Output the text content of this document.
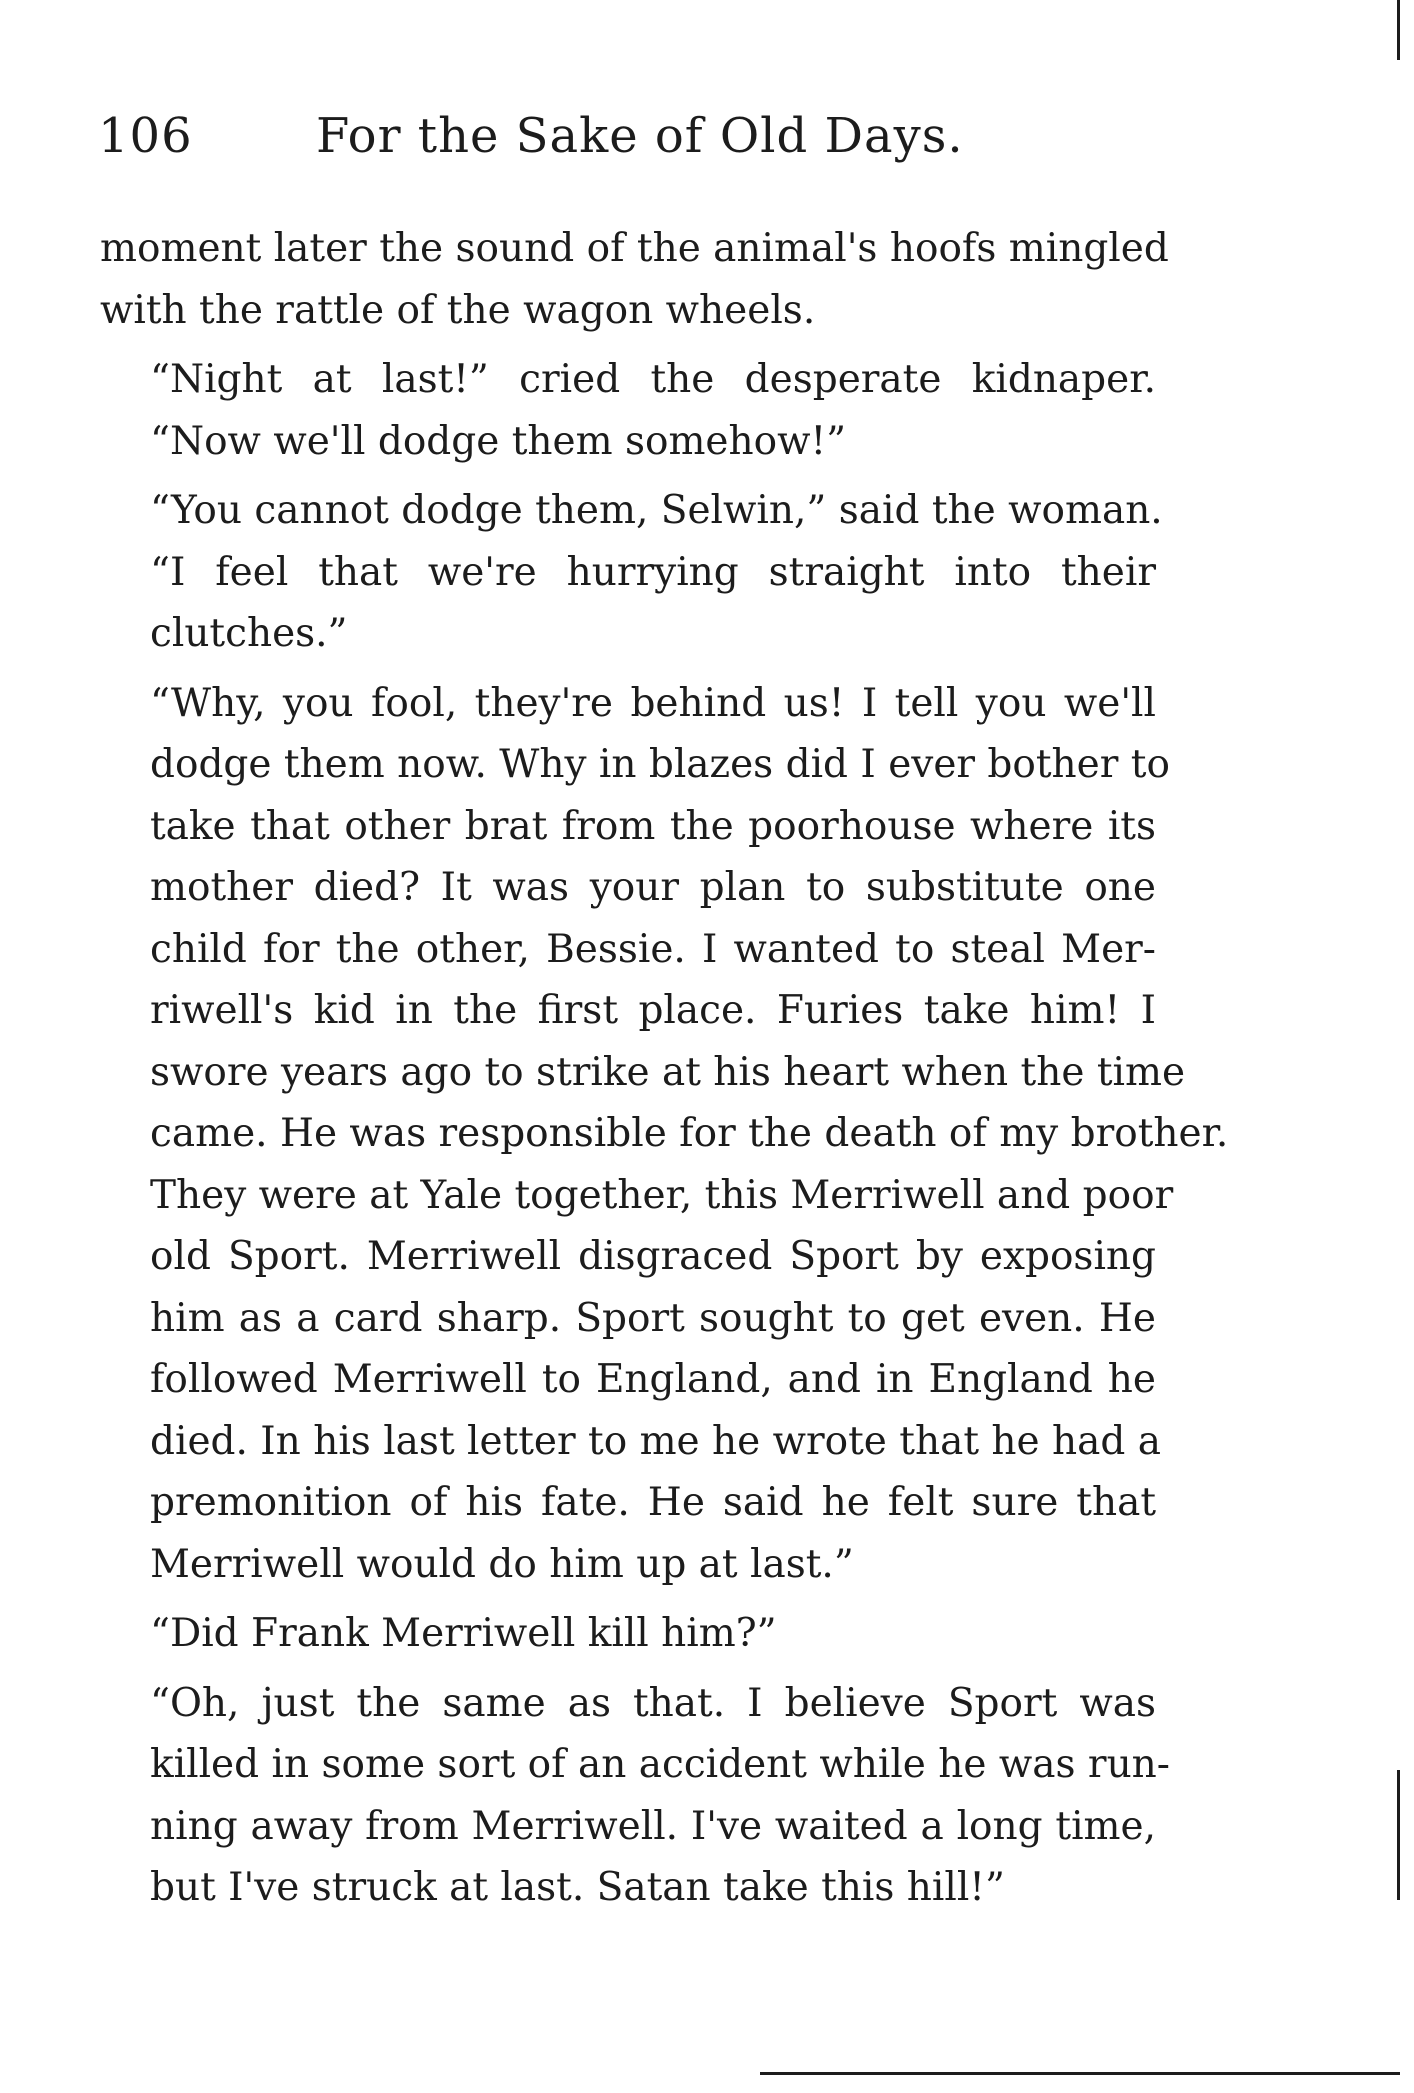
106	For the Sake of Old Days.

moment later the sound of the animal's hoofs mingled
with the rattle of the wagon wheels.

“Night at last!” cried the desperate kidnaper.
“Now we'll dodge them somehow!”

“You cannot dodge them, Selwin,” said the woman.
“I feel that we're hurrying straight into their
clutches.”

“Why, you fool, they're behind us! I tell you we'll
dodge them now. Why in blazes did I ever bother to
take that other brat from the poorhouse where its
mother died? It was your plan to substitute one
child for the other, Bessie. I wanted to steal Mer-
riwell's kid in the first place. Furies take him! I
swore years ago to strike at his heart when the time
came. He was responsible for the death of my brother.
They were at Yale together, this Merriwell and poor
old Sport. Merriwell disgraced Sport by exposing
him as a card sharp. Sport sought to get even. He
followed Merriwell to England, and in England he
died. In his last letter to me he wrote that he had a
premonition of his fate. He said he felt sure that
Merriwell would do him up at last.”

“Did Frank Merriwell kill him?”

“Oh, just the same as that. I believe Sport was
killed in some sort of an accident while he was run-
ning away from Merriwell. I've waited a long time,
but I've struck at last. Satan take this hill!”
